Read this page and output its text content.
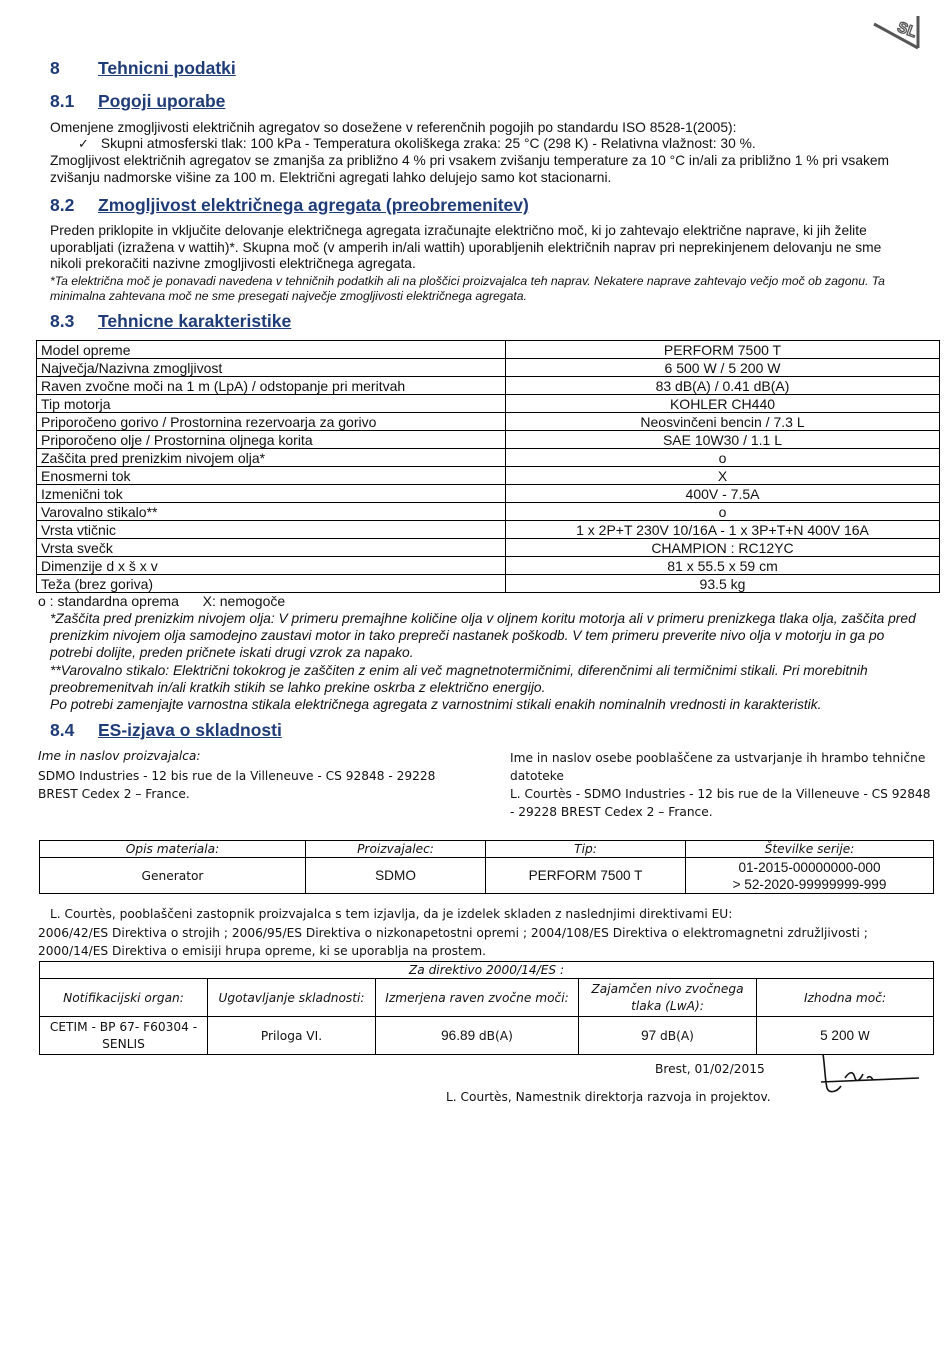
SL
8 Tehnicni podatki
8.1 Pogoji uporabe
Omenjene zmogljivosti električnih agregatov so dosežene v referenčnih pogojih po standardu ISO 8528-1(2005):
✓ Skupni atmosferski tlak: 100 kPa - Temperatura okoliškega zraka: 25 °C (298 K) - Relativna vlažnost: 30 %.
Zmogljivost električnih agregatov se zmanjša za približno 4 % pri vsakem zvišanju temperature za 10 °C in/ali za približno 1 % pri vsakem zvišanju nadmorske višine za 100 m. Električni agregati lahko delujejo samo kot stacionarni.
8.2 Zmogljivost električnega agregata (preobremenitev)
Preden priklopite in vključite delovanje električnega agregata izračunajte električno moč, ki jo zahtevajo električne naprave, ki jih želite uporabljati (izražena v wattih)*. Skupna moč (v amperih in/ali wattih) uporabljenih električnih naprav pri neprekinjenem delovanju ne sme nikoli prekoračiti nazivne zmogljivosti električnega agregata.
*Ta električna moč je ponavadi navedena v tehničnih podatkih ali na ploščici proizvajalca teh naprav. Nekatere naprave zahtevajo večjo moč ob zagonu. Ta minimalna zahtevana moč ne sme presegati največje zmogljivosti električnega agregata.
8.3 Tehnicne karakteristike
Model opreme	PERFORM 7500 T
Največja/Nazivna zmogljivost	6 500 W / 5 200 W
Raven zvočne moči na 1 m (LpA) / odstopanje pri meritvah	83 dB(A) / 0.41 dB(A)
Tip motorja	KOHLER CH440
Priporočeno gorivo / Prostornina rezervoarja za gorivo	Neosvinčeni bencin / 7.3 L
Priporočeno olje / Prostornina oljnega korita	SAE 10W30 / 1.1 L
Zaščita pred prenizkim nivojem olja*	o
Enosmerni tok	X
Izmenični tok	400V - 7.5A
Varovalno stikalo**	o
Vrsta vtičnic	1 x 2P+T 230V 10/16A - 1 x 3P+T+N 400V 16A
Vrsta svečk	CHAMPION : RC12YC
Dimenzije d x š x v	81 x 55.5 x 59 cm
Teža (brez goriva)	93.5 kg
o : standardna oprema X: nemogoče
*Zaščita pred prenizkim nivojem olja: V primeru premajhne količine olja v oljnem koritu motorja ali v primeru prenizkega tlaka olja, zaščita pred prenizkim nivojem olja samodejno zaustavi motor in tako prepreči nastanek poškodb. V tem primeru preverite nivo olja v motorju in ga po potrebi dolijte, preden pričnete iskati drugi vzrok za napako.
**Varovalno stikalo: Električni tokokrog je zaščiten z enim ali več magnetnotermičnimi, diferenčnimi ali termičnimi stikali. Pri morebitnih preobremenitvah in/ali kratkih stikih se lahko prekine oskrba z električno energijo.
Po potrebi zamenjajte varnostna stikala električnega agregata z varnostnimi stikali enakih nominalnih vrednosti in karakteristik.
8.4 ES-izjava o skladnosti
Ime in naslov proizvajalca:
SDMO Industries - 12 bis rue de la Villeneuve - CS 92848 - 29228 BREST Cedex 2 – France.
Ime in naslov osebe pooblaščene za ustvarjanje ih hrambo tehnične datoteke
L. Courtès - SDMO Industries - 12 bis rue de la Villeneuve - CS 92848 - 29228 BREST Cedex 2 – France.
Opis materiala:	Proizvajalec:	Tip:	Številke serije:
Generator	SDMO	PERFORM 7500 T	01-2015-00000000-000
> 52-2020-99999999-999
L. Courtès, pooblaščeni zastopnik proizvajalca s tem izjavlja, da je izdelek skladen z naslednjimi direktivami EU:
2006/42/ES Direktiva o strojih ; 2006/95/ES Direktiva o nizkonapetostni opremi ; 2004/108/ES Direktiva o elektromagnetni združljivosti ;
2000/14/ES Direktiva o emisiji hrupa opreme, ki se uporablja na prostem.
Za direktivo 2000/14/ES :				
Notifikacijski organ:	Ugotavljanje skladnosti:	Izmerjena raven zvočne moči:	Zajamčen nivo zvočnega tlaka (LwA):	Izhodna moč:
CETIM - BP 67- F60304 - SENLIS	Priloga VI.	96.89 dB(A)	97 dB(A)	5 200 W
Brest, 01/02/2015
L. Courtès, Namestnik direktorja razvoja in projektov.
